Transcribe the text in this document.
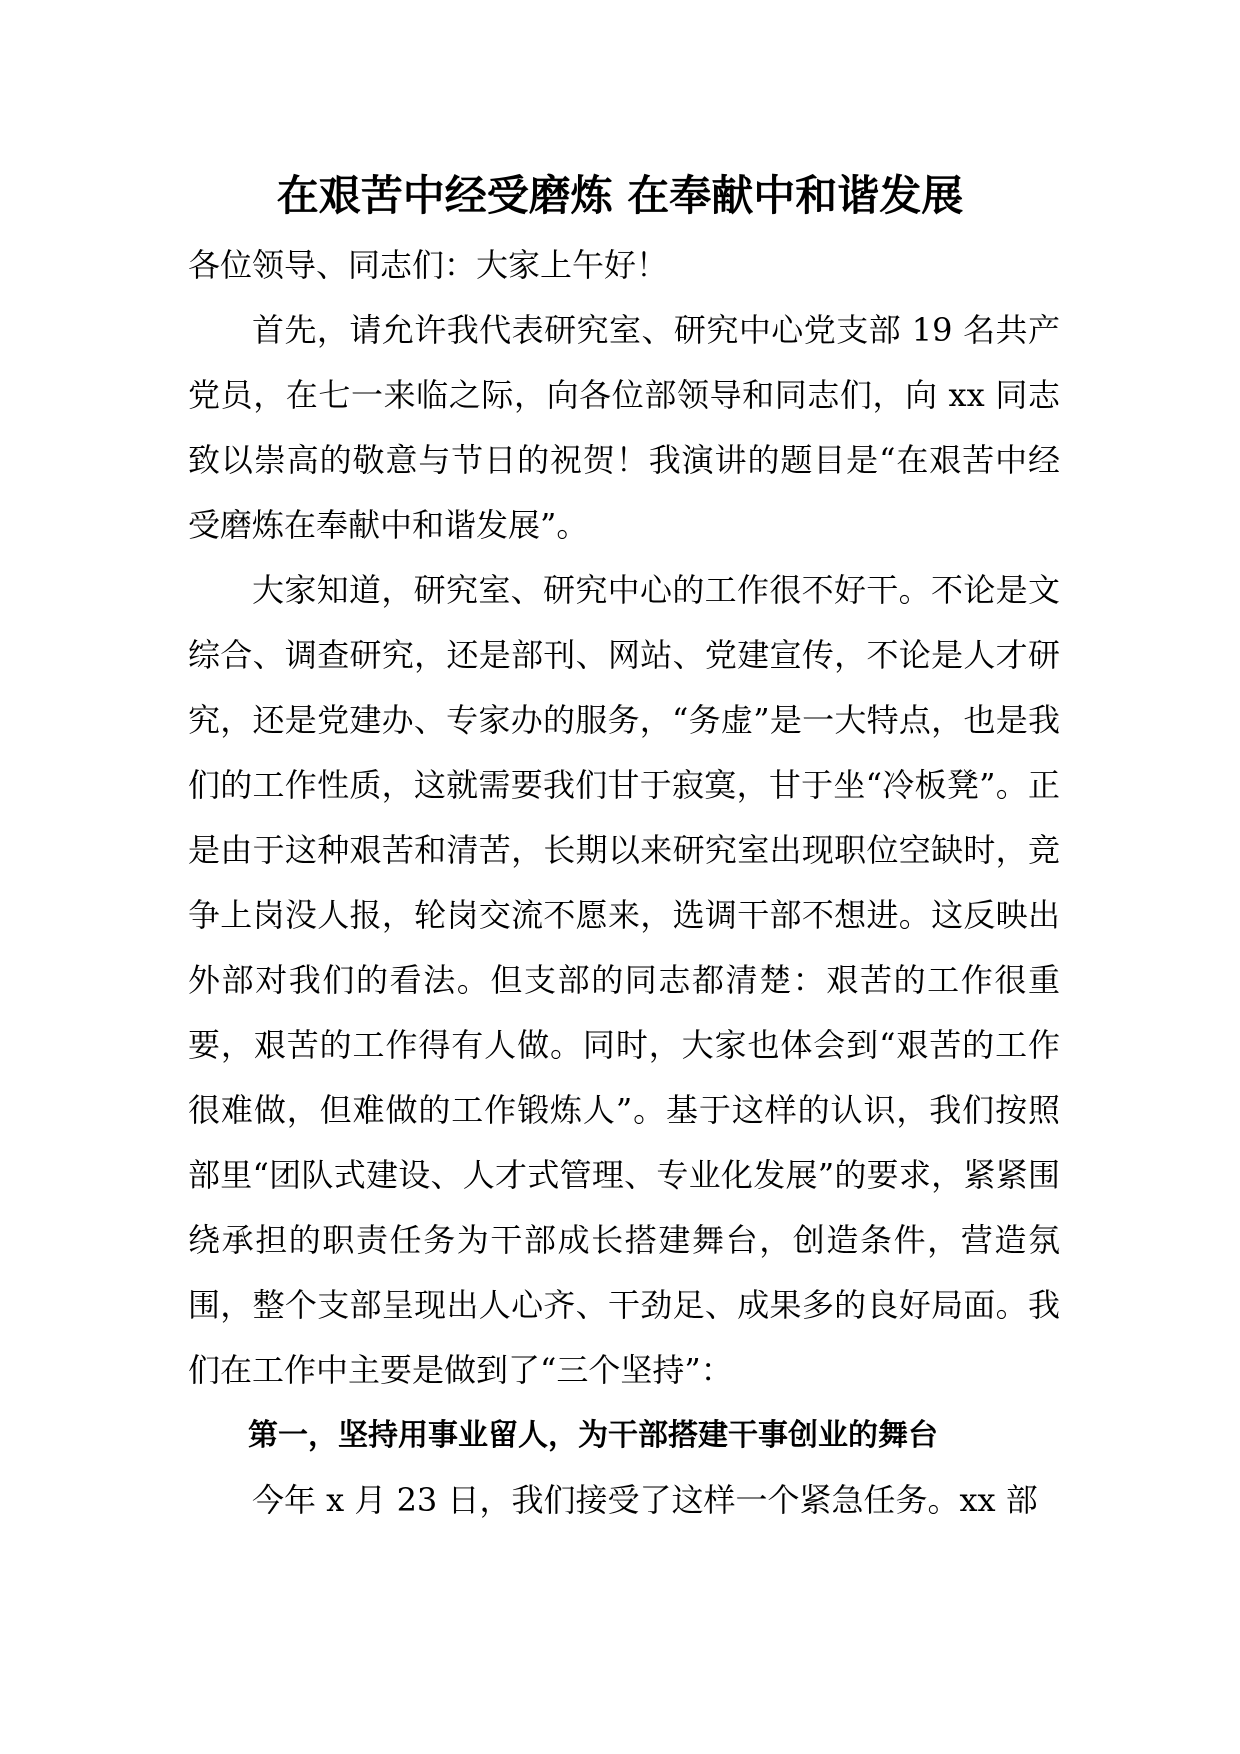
在艰苦中经受磨炼 在奉献中和谐发展

各位领导、同志们：大家上午好！

首先，请允许我代表研究室、研究中心党支部 19 名共产党员，在七一来临之际，向各位部领导和同志们，向 xx 同志致以崇高的敬意与节日的祝贺！我演讲的题目是“在艰苦中经受磨炼在奉献中和谐发展”。

大家知道，研究室、研究中心的工作很不好干。不论是文综合、调查研究，还是部刊、网站、党建宣传，不论是人才研究，还是党建办、专家办的服务，“务虚”是一大特点，也是我们的工作性质，这就需要我们甘于寂寞，甘于坐“冷板凳”。正是由于这种艰苦和清苦，长期以来研究室出现职位空缺时，竞争上岗没人报，轮岗交流不愿来，选调干部不想进。这反映出外部对我们的看法。但支部的同志都清楚：艰苦的工作很重要，艰苦的工作得有人做。同时，大家也体会到“艰苦的工作很难做，但难做的工作锻炼人”。基于这样的认识，我们按照部里“团队式建设、人才式管理、专业化发展”的要求，紧紧围绕承担的职责任务为干部成长搭建舞台，创造条件，营造氛围，整个支部呈现出人心齐、干劲足、成果多的良好局面。我们在工作中主要是做到了“三个坚持”：

第一，坚持用事业留人，为干部搭建干事创业的舞台

今年 x 月 23 日，我们接受了这样一个紧急任务。xx 部
